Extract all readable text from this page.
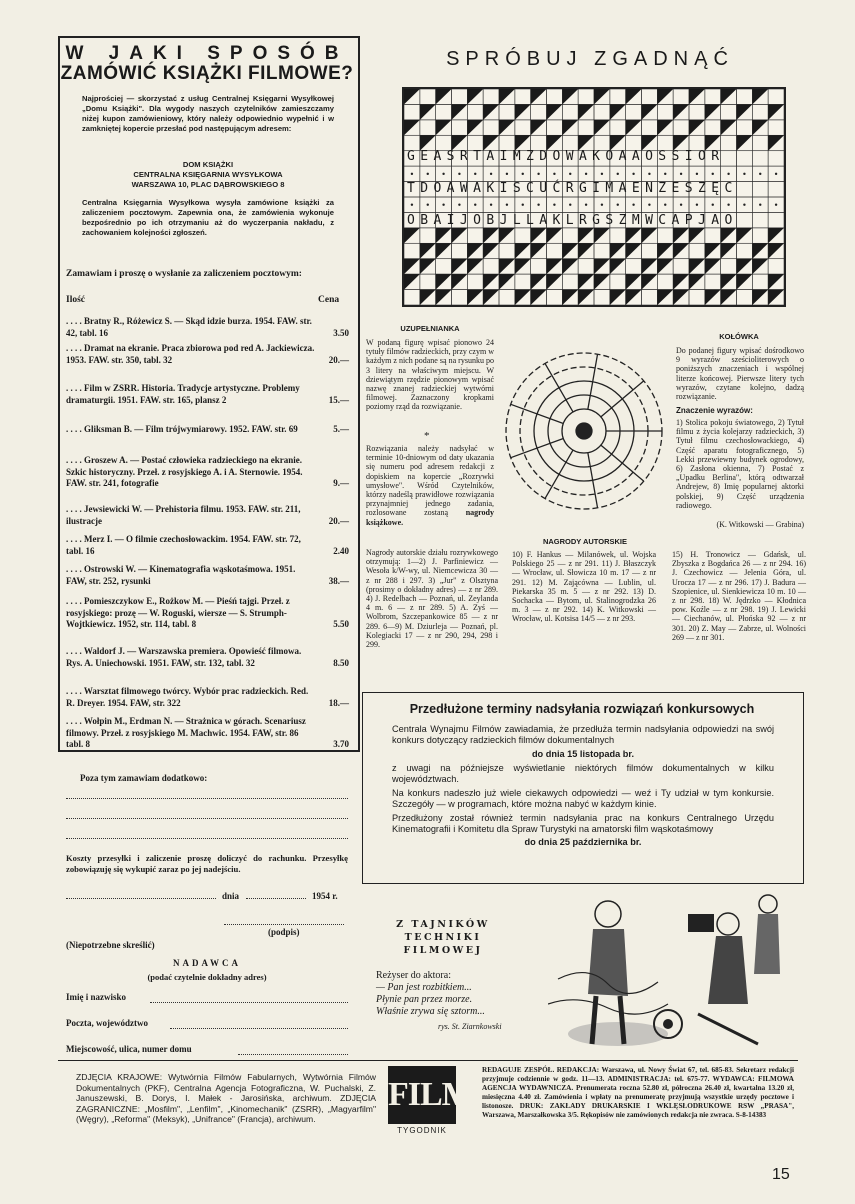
W JAKI SPOSÓB
ZAMÓWIĆ KSIĄŻKI FILMOWE?
Najprościej — skorzystać z usług Centralnej Księgarni Wysyłkowej „Domu Książki". Dla wygody naszych czytelników zamieszczamy niżej kupon zamówieniowy, który należy odpowiednio wypełnić i w zamkniętej kopercie przesłać pod następującym adresem:
DOM KSIĄŻKI
CENTRALNA KSIĘGARNIA WYSYŁKOWA
WARSZAWA 10, PLAC DĄBROWSKIEGO 8
Centralna Księgarnia Wysyłkowa wysyła zamówione książki za zaliczeniem pocztowym. Zapewnia ona, że zamówienia wykonuje bezpośrednio po ich otrzymaniu aż do wyczerpania nakładu, z zachowaniem kolejności zgłoszeń.
Zamawiam i proszę o wysłanie za zaliczeniem pocztowym:
Ilość	Cena
. . . . Bratny R., Różewicz S. — Skąd idzie burza. 1954. FAW. str. 42, tabl. 16	3.50
. . . . Dramat na ekranie. Praca zbiorowa pod red A. Jackiewicza. 1953. FAW. str. 350, tabl. 32	20.—
. . . . Film w ZSRR. Historia. Tradycje artystyczne. Problemy dramaturgii. 1951. FAW. str. 165, plansz 2	15.—
. . . . Gliksman B. — Film trójwymiarowy. 1952. FAW. str. 69	5.—
. . . . Groszew A. — Postać człowieka radzieckiego na ekranie. Szkic historyczny. Przeł. z rosyjskiego A. i A. Sternowie. 1954. FAW. str. 241, fotografie	9.—
. . . . Jewsiewicki W. — Prehistoria filmu. 1953. FAW. str. 211, ilustracje	20.—
. . . . Merz I. — O filmie czechosłowackim. 1954. FAW. str. 72, tabl. 16	2.40
. . . . Ostrowski W. — Kinematografia wąskotaśmowa. 1951. FAW, str. 252, rysunki	38.—
. . . . Pomieszczykow E., Rożkow M. — Pieśń tajgi. Przeł. z rosyjskiego: prozę — W. Roguski, wiersze — S. Strumph-Wojtkiewicz. 1952, str. 114, tabl. 8	5.50
. . . . Waldorf J. — Warszawska premiera. Opowieść filmowa. Rys. A. Uniechowski. 1951. FAW, str. 132, tabl. 32	8.50
. . . . Warsztat filmowego twórcy. Wybór prac radzieckich. Red. R. Dreyer. 1954. FAW, str. 322	18.—
. . . . Wołpin M., Erdman N. — Strażnica w górach. Scenariusz filmowy. Przeł. z rosyjskiego M. Machwic. 1954. FAW, str. 86 tabl. 8	3.70
Poza tym zamawiam dodatkowo:
Koszty przesyłki i zaliczenie proszę doliczyć do rachunku. Przesyłkę zobowiązuję się wykupić zaraz po jej nadejściu.
dnia	1954 r.
(podpis)
(Niepotrzebne skreślić)
NADAWCA
(podać czytelnie dokładny adres)
Imię i nazwisko
Poczta, województwo
Miejscowość, ulica, numer domu
SPRÓBUJ ZGADNĄĆ
GEASRTAIMZDOWAKOAAOSSIOR
TDOAWAKISCUĆRGIMAENZESZĘC
OBAIJOBJLLAKLRGSZMWCAPJAO
UZUPEŁNIANKA
W podaną figurę wpisać pionowo 24 tytuły filmów radzieckich, przy czym w każdym z nich podane są na rysunku po 3 litery na właściwym miejscu. W dziewiątym rzędzie pionowym wpisać nazwę znanej radzieckiej wytwórni filmowej. Zaznaczony kropkami poziomy rząd da rozwiązanie.
*
Rozwiązania należy nadsyłać w terminie 10-dniowym od daty ukazania się numeru pod adresem redakcji z dopiskiem na kopercie „Rozrywki umysłowe". Wśród Czytelników, którzy nadeślą prawidłowe rozwiązania przynajmniej jednego zadania, rozlosowane zostaną nagrody książkowe.
KOŁÓWKA
Do podanej figury wpisać dośrodkowo 9 wyrazów sześcioliterowych o poniższych znaczeniach i wspólnej literze końcowej. Pierwsze litery tych wyrazów, czytane kolejno, dadzą rozwiązanie.
Znaczenie wyrazów:
1) Stolica pokoju światowego, 2) Tytuł filmu z życia kolejarzy radzieckich, 3) Tytuł filmu czechosłowackiego, 4) Część aparatu fotograficznego, 5) Lekki przewiewny budynek ogrodowy, 6) Zasłona okienna, 7) Postać z „Upadku Berlina", którą odtwarzał Andrejew, 8) Imię popularnej aktorki polskiej, 9) Część urządzenia radiowego.
(K. Witkowski — Grabina)
NAGRODY AUTORSKIE
Nagrody autorskie działu rozrywkowego otrzymują: 1—2) J. Parfiniewicz — Wesoła k/W-wy, ul. Niemcewicza 30 — z nr 288 i 297. 3) „Jur" z Olsztyna (prosimy o dokładny adres) — z nr 289. 4) J. Redelbach — Poznań, ul. Zeylanda 4 m. 6 — z nr 289. 5) A. Zyś — Wolbrom, Szczepankowice 85 — z nr 289. 6—9) M. Dziurleja — Poznań, pl. Kolegiacki 17 — z nr 290, 294, 298 i 299.
10) F. Hankus — Milanówek, ul. Wojska Polskiego 25 — z nr 291. 11) J. Błaszczyk — Wrocław, ul. Słowicza 10 m. 17 — z nr 291. 12) M. Zającówna — Lublin, ul. Piekarska 35 m. 5 — z nr 292. 13) D. Sochacka — Bytom, ul. Stalinogrodzka 26 m. 3 — z nr 292. 14) K. Witkowski — Wrocław, ul. Kotsisa 14/5 — z nr 293.
15) H. Tronowicz — Gdańsk, ul. Zbyszka z Bogdańca 26 — z nr 294. 16) J. Czechowicz — Jelenia Góra, ul. Urocza 17 — z nr 296. 17) J. Badura — Szopienice, ul. Sienkiewicza 10 m. 10 — z nr 298. 18) W. Jędrzko — Kłodnica pow. Koźle — z nr 298. 19) J. Lewicki — Ciechanów, ul. Płońska 92 — z nr 301. 20) Z. May — Zabrze, ul. Wolności 269 — z nr 301.
Przedłużone terminy nadsyłania rozwiązań konkursowych
Centrala Wynajmu Filmów zawiadamia, że przedłuża termin nadsyłania odpowiedzi na swój konkurs dotyczący radzieckich filmów dokumentalnych
do dnia 15 listopada br.
z uwagi na późniejsze wyświetlanie niektórych filmów dokumentalnych w kilku województwach.
Na konkurs nadeszło już wiele ciekawych odpowiedzi — weź i Ty udział w tym konkursie. Szczegóły — w programach, które można nabyć w każdym kinie.
Przedłużony został również termin nadsyłania prac na konkurs Centralnego Urzędu Kinematografii i Komitetu dla Spraw Turystyki na amatorski film wąskotaśmowy
do dnia 25 października br.
Z TAJNIKÓW TECHNIKI FILMOWEJ
Reżyser do aktora:
— Pan jest rozbitkiem...
Płynie pan przez morze.
Właśnie zrywa się sztorm...
rys. St. Ziarnkowski
ZDJĘCIA KRAJOWE: Wytwórnia Filmów Fabularnych, Wytwórnia Filmów Dokumentalnych (PKF), Centralna Agencja Fotograficzna, W. Puchalski, Z. Januszewski, B. Dorys, I. Małek - Jarosińska, archiwum. ZDJĘCIA ZAGRANICZNE: „Mosfilm", „Lenfilm", „Kinomechanik" (ZSRR), „Magyarfilm" (Węgry), „Reforma" (Meksyk), „Unifrance" (Francja), archiwum.
FILM
TYGODNIK
REDAGUJE ZESPÓŁ. REDAKCJA: Warszawa, ul. Nowy Świat 67, tel. 685-83. Sekretarz redakcji przyjmuje codziennie w godz. 11—13. ADMINISTRACJA: tel. 675-77. WYDAWCA: FILMOWA AGENCJA WYDAWNICZA. Prenumerata roczna 52.80 zł, półroczna 26.40 zł, kwartalna 13.20 zł, miesięczna 4.40 zł. Zamówienia i wpłaty na prenumeratę przyjmują wszystkie urzędy pocztowe i listonosze. DRUK: ZAKŁADY DRUKARSKIE I WKLĘSŁODRUKOWE RSW „PRASA", Warszawa, Marszałkowska 3/5. Rękopisów nie zamówionych redakcja nie zwraca. S-8-14383
15
